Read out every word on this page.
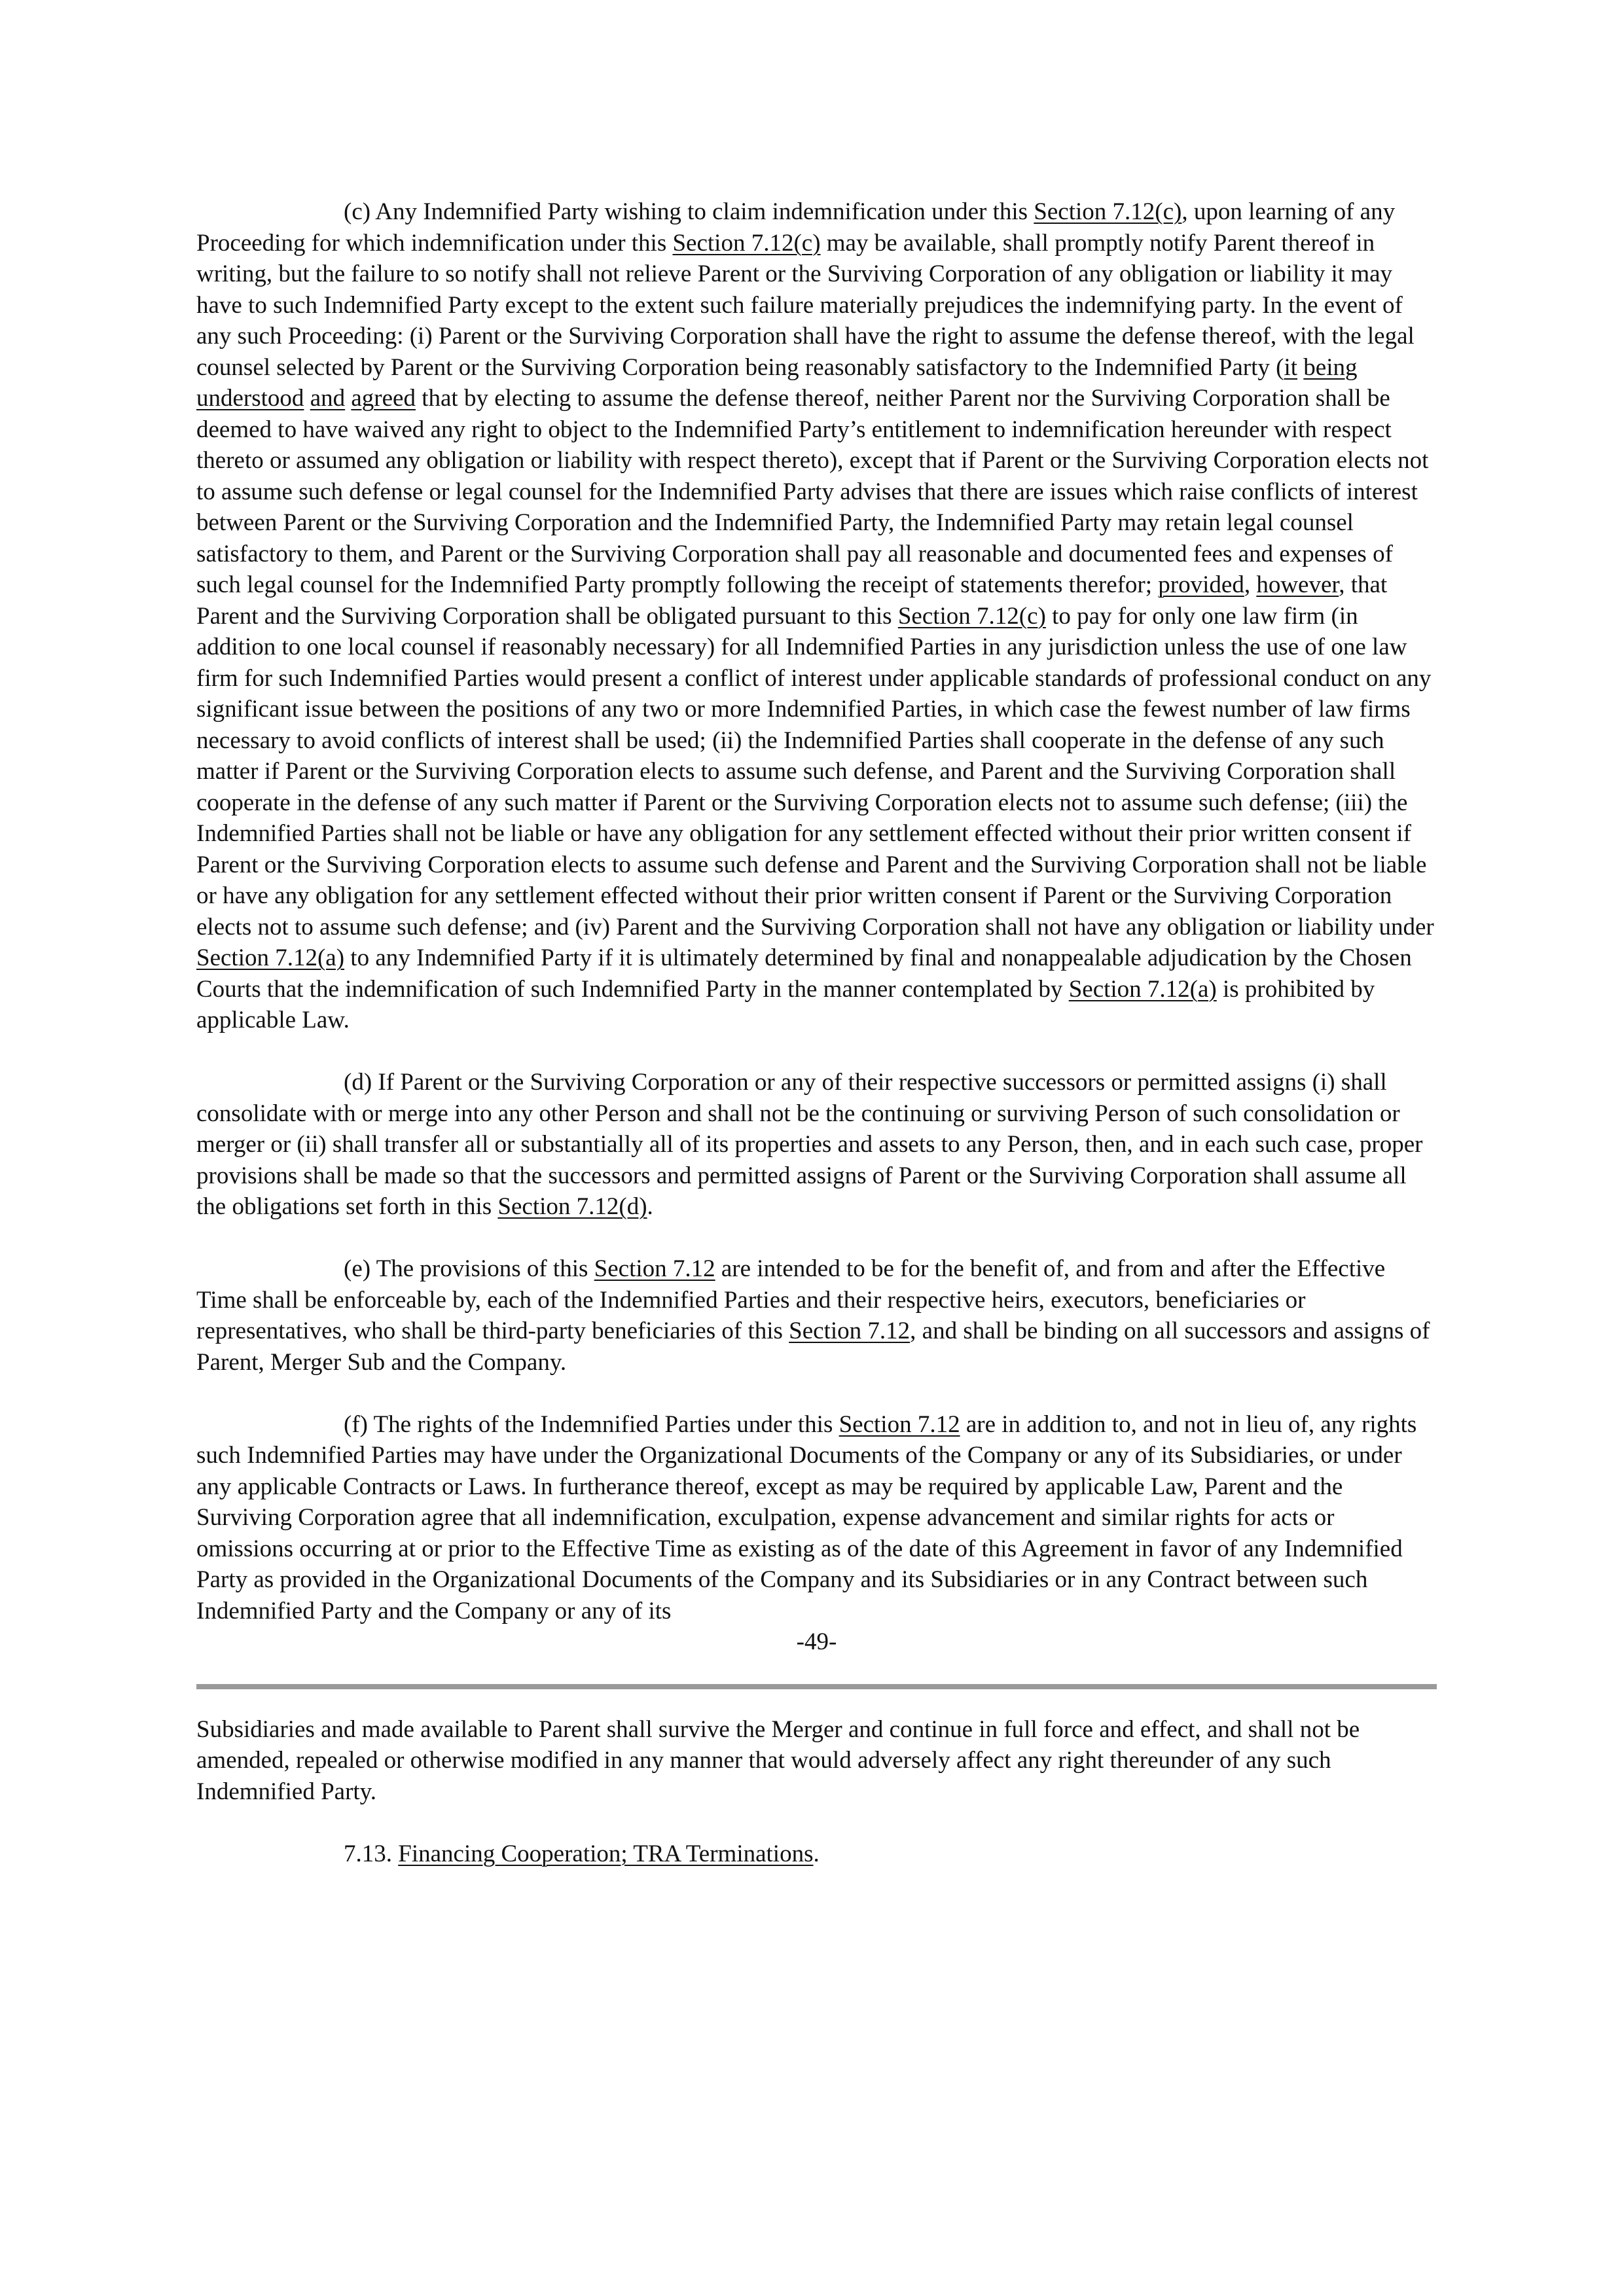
(c) Any Indemnified Party wishing to claim indemnification under this Section 7.12(c), upon learning of any Proceeding for which indemnification under this Section 7.12(c) may be available, shall promptly notify Parent thereof in writing, but the failure to so notify shall not relieve Parent or the Surviving Corporation of any obligation or liability it may have to such Indemnified Party except to the extent such failure materially prejudices the indemnifying party. In the event of any such Proceeding: (i) Parent or the Surviving Corporation shall have the right to assume the defense thereof, with the legal counsel selected by Parent or the Surviving Corporation being reasonably satisfactory to the Indemnified Party (it being understood and agreed that by electing to assume the defense thereof, neither Parent nor the Surviving Corporation shall be deemed to have waived any right to object to the Indemnified Party’s entitlement to indemnification hereunder with respect thereto or assumed any obligation or liability with respect thereto), except that if Parent or the Surviving Corporation elects not to assume such defense or legal counsel for the Indemnified Party advises that there are issues which raise conflicts of interest between Parent or the Surviving Corporation and the Indemnified Party, the Indemnified Party may retain legal counsel satisfactory to them, and Parent or the Surviving Corporation shall pay all reasonable and documented fees and expenses of such legal counsel for the Indemnified Party promptly following the receipt of statements therefor; provided, however, that Parent and the Surviving Corporation shall be obligated pursuant to this Section 7.12(c) to pay for only one law firm (in addition to one local counsel if reasonably necessary) for all Indemnified Parties in any jurisdiction unless the use of one law firm for such Indemnified Parties would present a conflict of interest under applicable standards of professional conduct on any significant issue between the positions of any two or more Indemnified Parties, in which case the fewest number of law firms necessary to avoid conflicts of interest shall be used; (ii) the Indemnified Parties shall cooperate in the defense of any such matter if Parent or the Surviving Corporation elects to assume such defense, and Parent and the Surviving Corporation shall cooperate in the defense of any such matter if Parent or the Surviving Corporation elects not to assume such defense; (iii) the Indemnified Parties shall not be liable or have any obligation for any settlement effected without their prior written consent if Parent or the Surviving Corporation elects to assume such defense and Parent and the Surviving Corporation shall not be liable or have any obligation for any settlement effected without their prior written consent if Parent or the Surviving Corporation elects not to assume such defense; and (iv) Parent and the Surviving Corporation shall not have any obligation or liability under Section 7.12(a) to any Indemnified Party if it is ultimately determined by final and nonappealable adjudication by the Chosen Courts that the indemnification of such Indemnified Party in the manner contemplated by Section 7.12(a) is prohibited by applicable Law.

(d) If Parent or the Surviving Corporation or any of their respective successors or permitted assigns (i) shall consolidate with or merge into any other Person and shall not be the continuing or surviving Person of such consolidation or merger or (ii) shall transfer all or substantially all of its properties and assets to any Person, then, and in each such case, proper provisions shall be made so that the successors and permitted assigns of Parent or the Surviving Corporation shall assume all the obligations set forth in this Section 7.12(d).

(e) The provisions of this Section 7.12 are intended to be for the benefit of, and from and after the Effective Time shall be enforceable by, each of the Indemnified Parties and their respective heirs, executors, beneficiaries or representatives, who shall be third-party beneficiaries of this Section 7.12, and shall be binding on all successors and assigns of Parent, Merger Sub and the Company.

(f) The rights of the Indemnified Parties under this Section 7.12 are in addition to, and not in lieu of, any rights such Indemnified Parties may have under the Organizational Documents of the Company or any of its Subsidiaries, or under any applicable Contracts or Laws. In furtherance thereof, except as may be required by applicable Law, Parent and the Surviving Corporation agree that all indemnification, exculpation, expense advancement and similar rights for acts or omissions occurring at or prior to the Effective Time as existing as of the date of this Agreement in favor of any Indemnified Party as provided in the Organizational Documents of the Company and its Subsidiaries or in any Contract between such Indemnified Party and the Company or any of its

-49-

Subsidiaries and made available to Parent shall survive the Merger and continue in full force and effect, and shall not be amended, repealed or otherwise modified in any manner that would adversely affect any right thereunder of any such Indemnified Party.

7.13. Financing Cooperation; TRA Terminations.
